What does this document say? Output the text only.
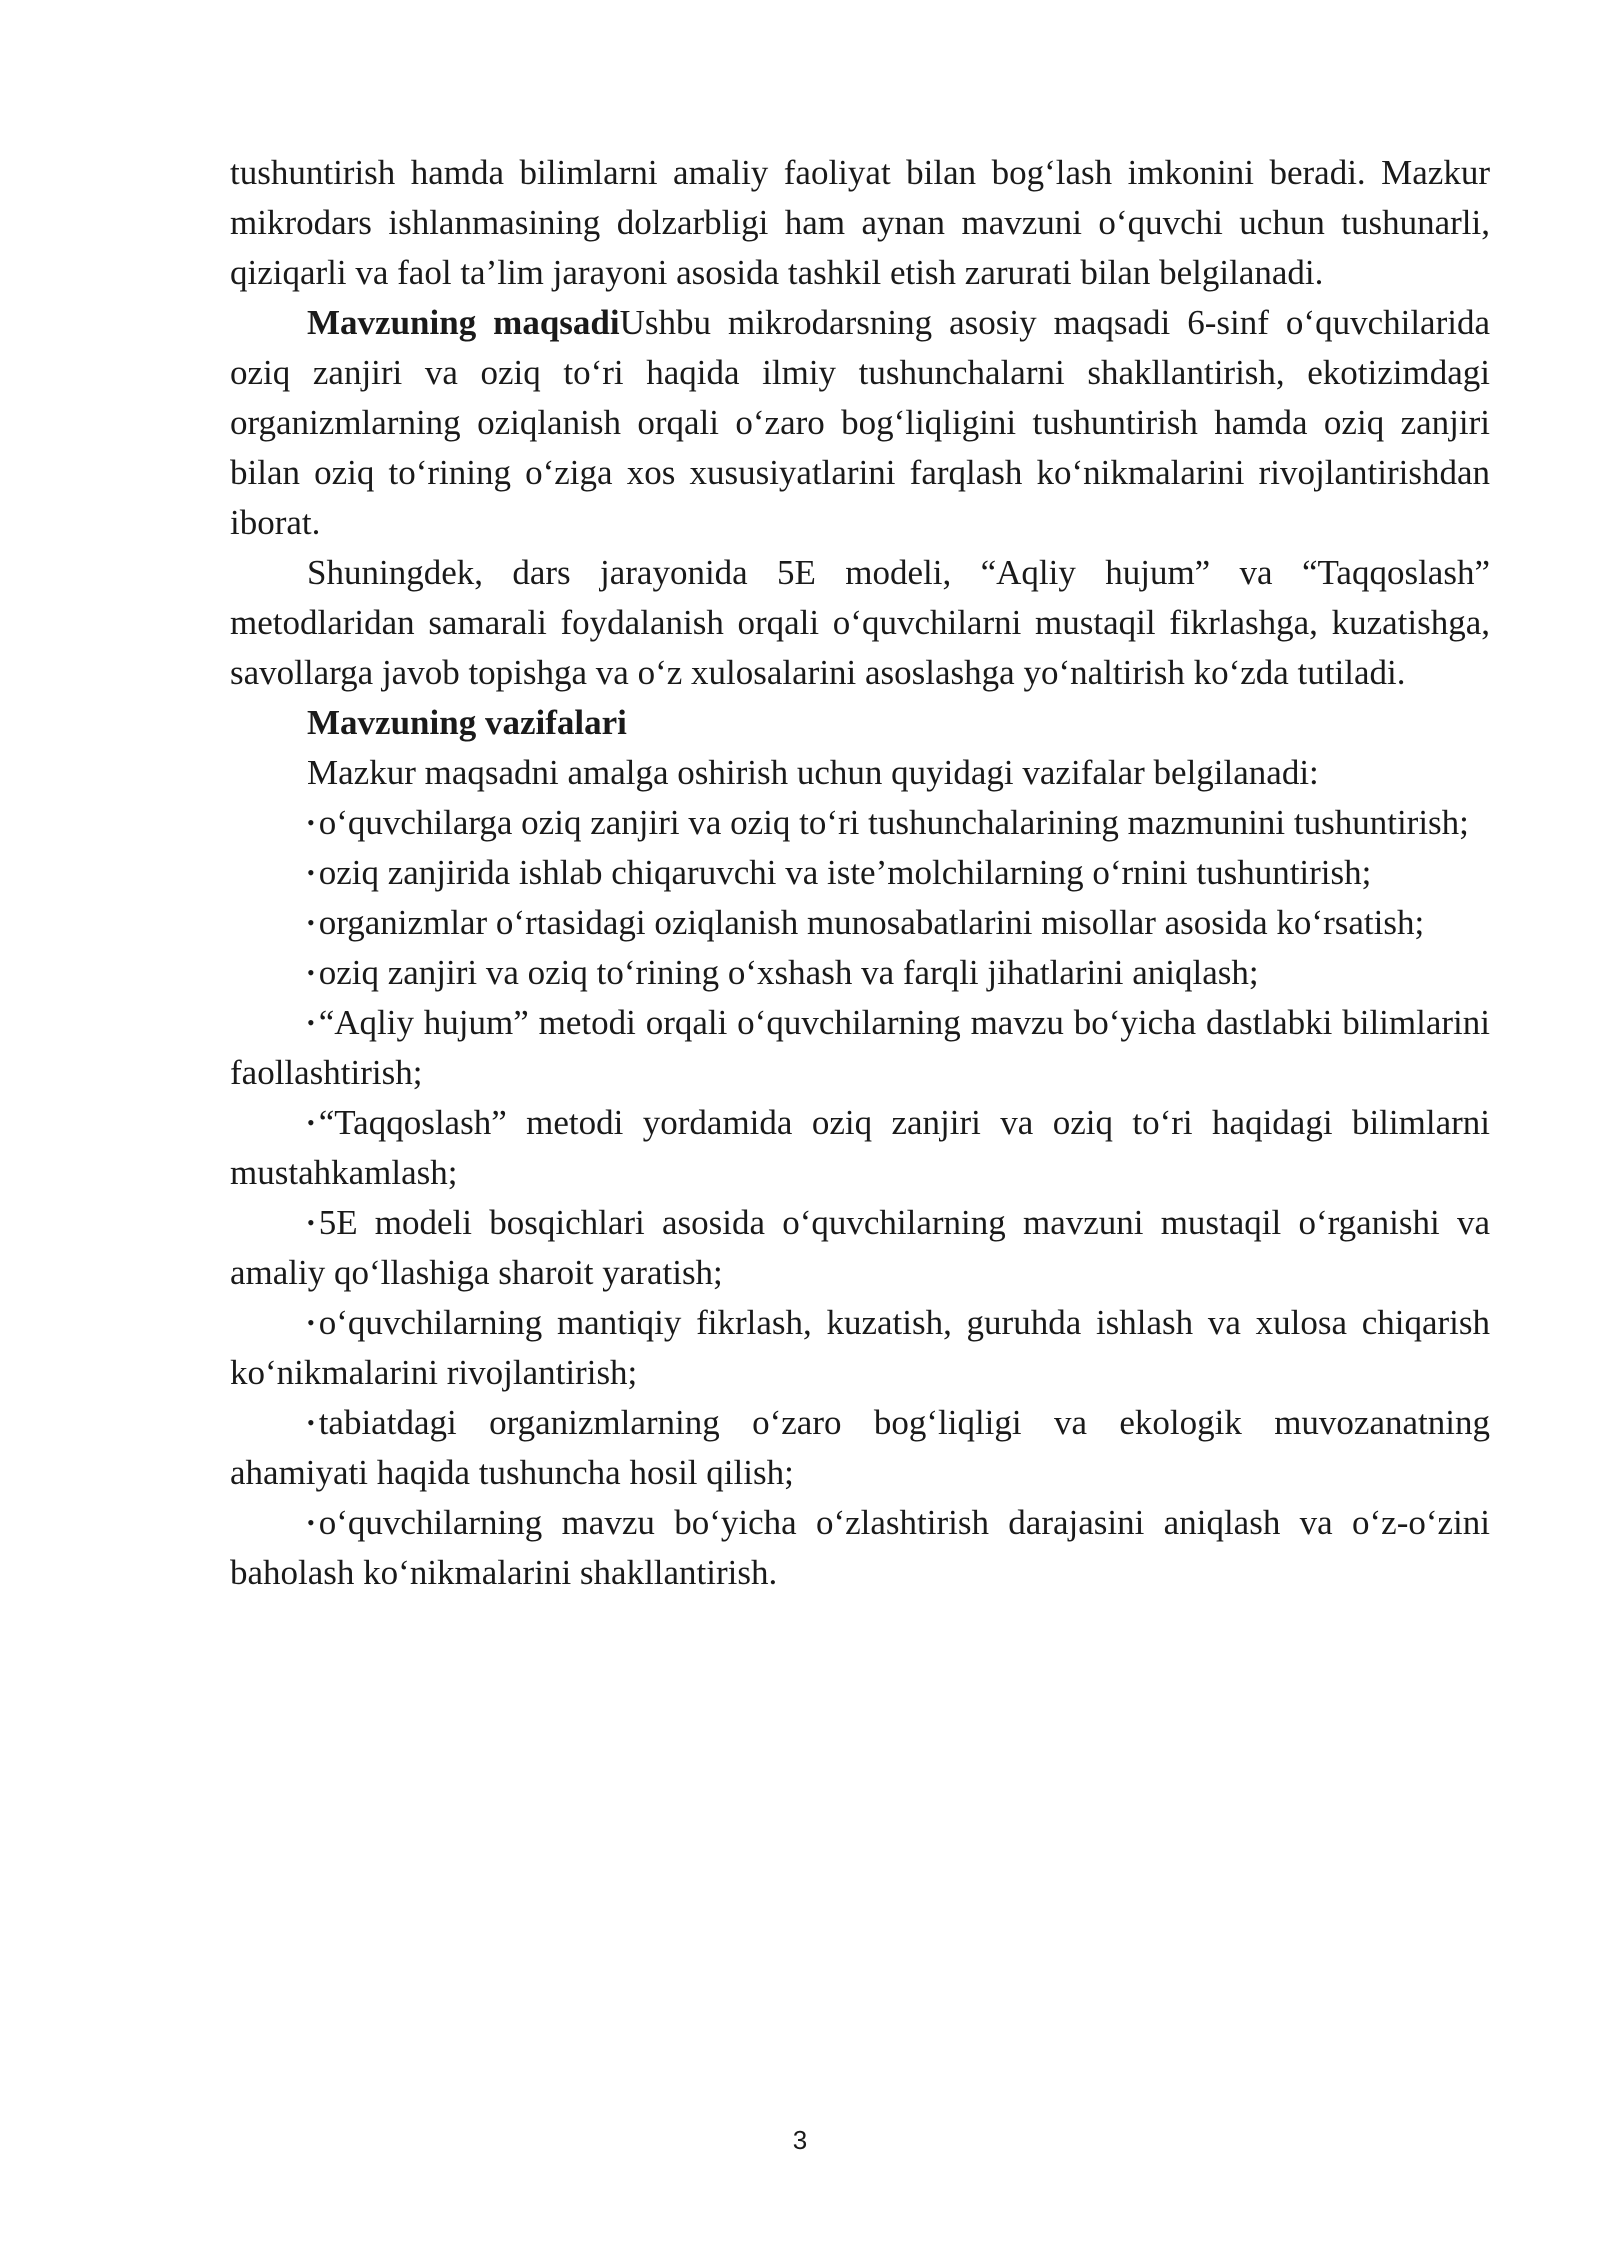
tushuntirish hamda bilimlarni amaliy faoliyat bilan bog‘lash imkonini beradi. Mazkur mikrodars ishlanmasining dolzarbligi ham aynan mavzuni o‘quvchi uchun tushunarli, qiziqarli va faol ta’lim jarayoni asosida tashkil etish zarurati bilan belgilanadi.

Mavzuning maqsadiUshbu mikrodarsning asosiy maqsadi 6-sinf o‘quvchilarida oziq zanjiri va oziq to‘ri haqida ilmiy tushunchalarni shakllantirish, ekotizimdagi organizmlarning oziqlanish orqali o‘zaro bog‘liqligini tushuntirish hamda oziq zanjiri bilan oziq to‘rining o‘ziga xos xususiyatlarini farqlash ko‘nikmalarini rivojlantirishdan iborat.

Shuningdek, dars jarayonida 5E modeli, “Aqliy hujum” va “Taqqoslash” metodlaridan samarali foydalanish orqali o‘quvchilarni mustaqil fikrlashga, kuzatishga, savollarga javob topishga va o‘z xulosalarini asoslashga yo‘naltirish ko‘zda tutiladi.

Mavzuning vazifalari

Mazkur maqsadni amalga oshirish uchun quyidagi vazifalar belgilanadi:

• o‘quvchilarga oziq zanjiri va oziq to‘ri tushunchalarining mazmunini tushuntirish;

• oziq zanjirida ishlab chiqaruvchi va iste’molchilarning o‘rnini tushuntirish;

• organizmlar o‘rtasidagi oziqlanish munosabatlarini misollar asosida ko‘rsatish;

• oziq zanjiri va oziq to‘rining o‘xshash va farqli jihatlarini aniqlash;

• “Aqliy hujum” metodi orqali o‘quvchilarning mavzu bo‘yicha dastlabki bilimlarini faollashtirish;

• “Taqqoslash” metodi yordamida oziq zanjiri va oziq to‘ri haqidagi bilimlarni mustahkamlash;

• 5E modeli bosqichlari asosida o‘quvchilarning mavzuni mustaqil o‘rganishi va amaliy qo‘llashiga sharoit yaratish;

• o‘quvchilarning mantiqiy fikrlash, kuzatish, guruhda ishlash va xulosa chiqarish ko‘nikmalarini rivojlantirish;

• tabiatdagi organizmlarning o‘zaro bog‘liqligi va ekologik muvozanatning ahamiyati haqida tushuncha hosil qilish;

• o‘quvchilarning mavzu bo‘yicha o‘zlashtirish darajasini aniqlash va o‘z-o‘zini baholash ko‘nikmalarini shakllantirish.

3
